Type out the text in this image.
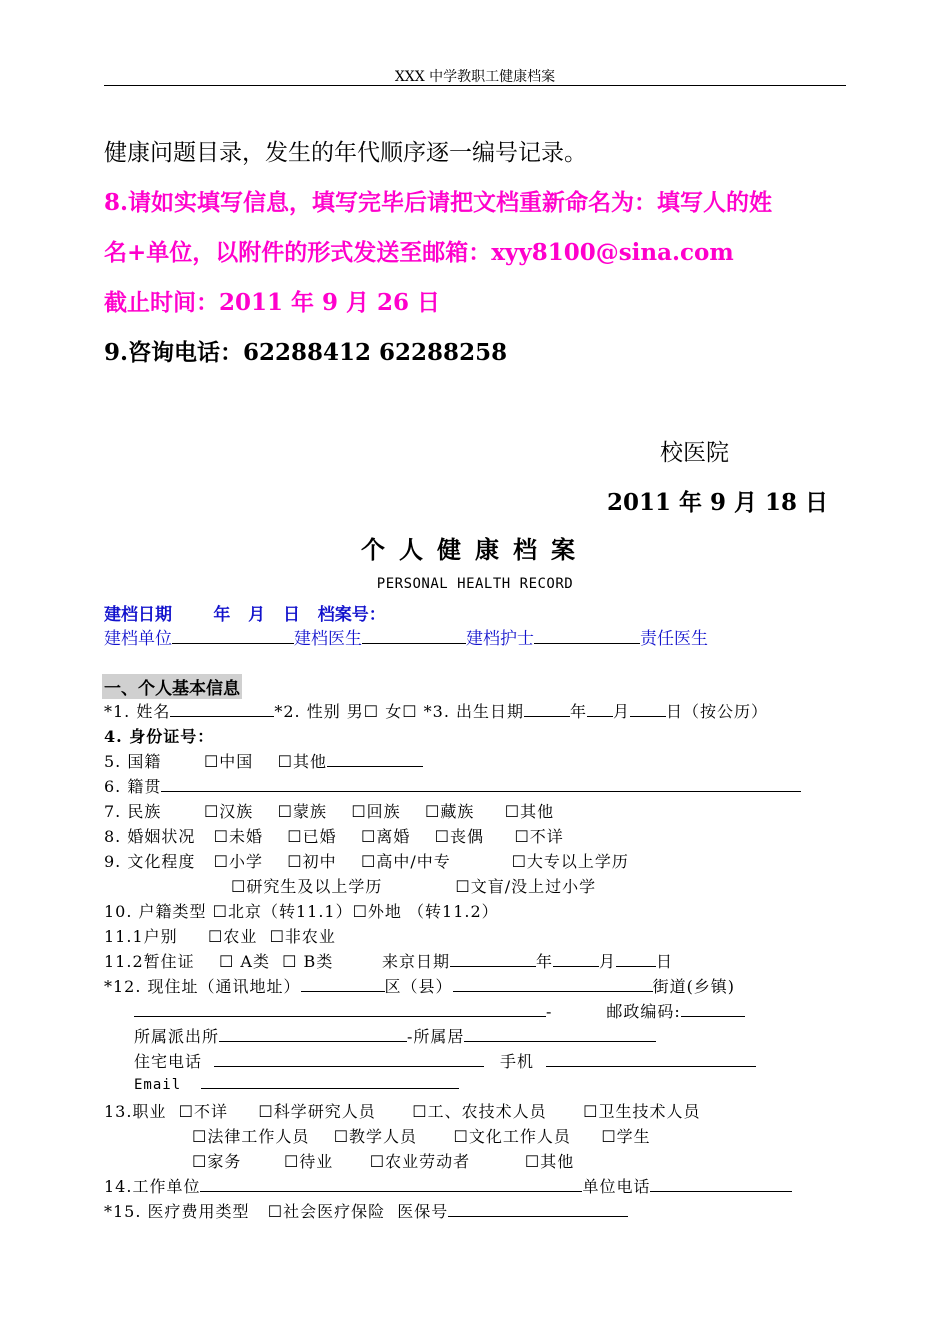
XXX 中学教职工健康档案
健康问题目录，发生的年代顺序逐一编号记录。
8.请如实填写信息，填写完毕后请把文档重新命名为：填写人的姓
名+单位，以附件的形式发送至邮箱：xyy8100@sina.com
截止时间：2011 年 9 月 26 日
9.咨询电话：62288412 62288258
校医院
2011 年 9 月 18 日
个人健康档案
PERSONAL HEALTH RECORD
建档日期       年   月   日   档案号：
建档单位	建档医生	建档护士	责任医生
一、个人基本信息
*1. 姓名	*2. 性别 男☐ 女☐ *3. 出生日期	年 月 日（按公历）
4. 身份证号：
5. 国籍       ☐中国    ☐其他
6. 籍贯
7. 民族       ☐汉族    ☐蒙族    ☐回族    ☐藏族     ☐其他
8. 婚姻状况   ☐未婚    ☐已婚    ☐离婚    ☐丧偶     ☐不详
9. 文化程度   ☐小学    ☐初中    ☐高中/中专          ☐大专以上学历
☐研究生及以上学历            ☐文盲/没上过小学
10. 户籍类型 ☐北京（转11.1）☐外地 （转11.2）
11.1户别     ☐农业  ☐非农业
11.2暂住证    ☐ A类  ☐ B类        来京日期	年	月	日
*12. 现住址（通讯地址）	区（县）	街道(乡镇)
-	邮政编码:
所属派出所	-所属居
住宅电话	手机
Email
13.职业  ☐不详     ☐科学研究人员      ☐工、农技术人员      ☐卫生技术人员
☐法律工作人员    ☐教学人员      ☐文化工作人员     ☐学生
☐家务       ☐待业      ☐农业劳动者         ☐其他
14.工作单位	单位电话
*15. 医疗费用类型   ☐社会医疗保险  医保号
